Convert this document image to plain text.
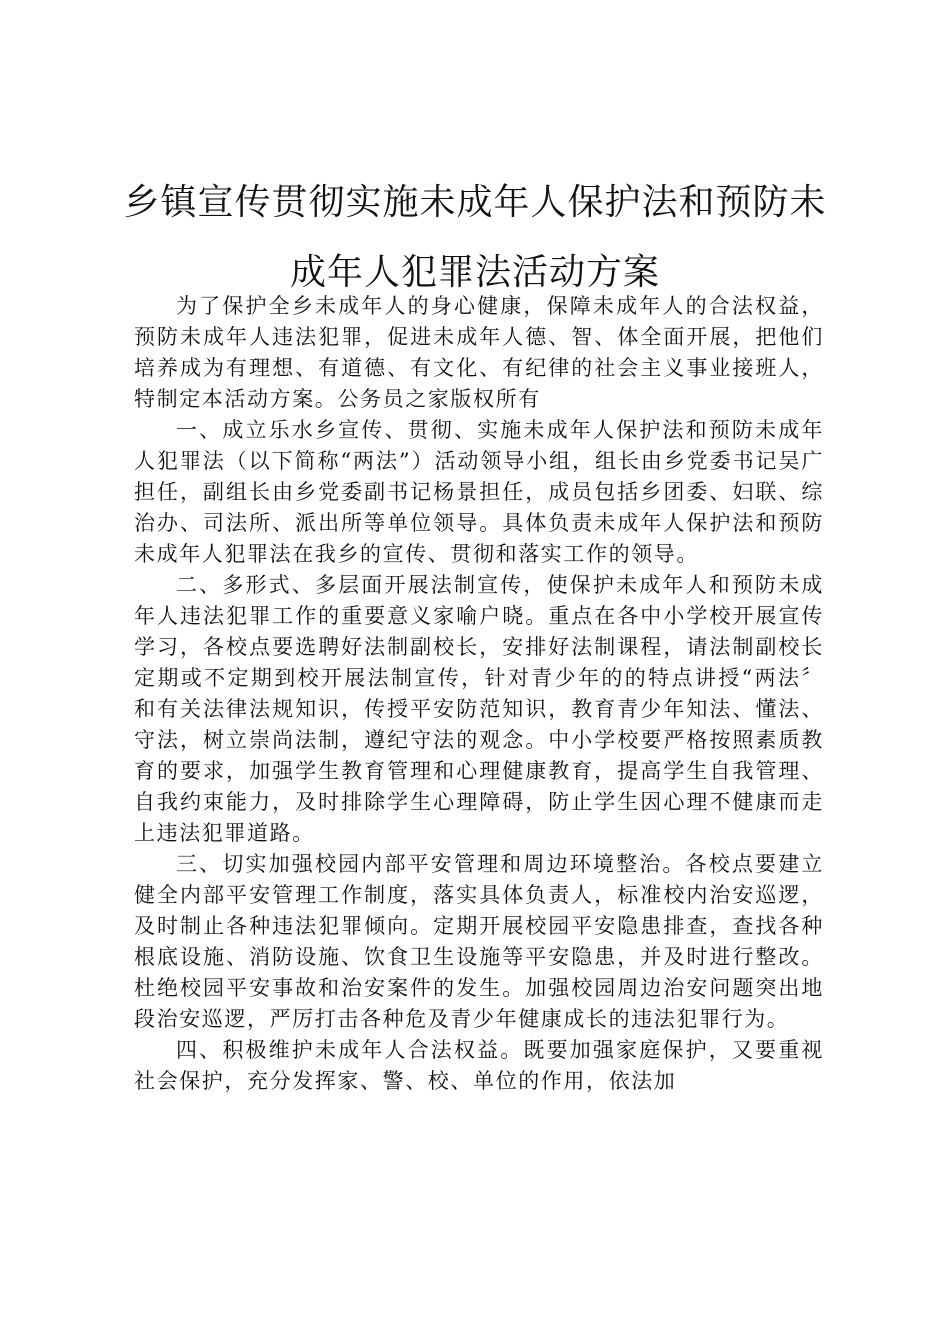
乡镇宣传贯彻实施未成年人保护法和预防未
成年人犯罪法活动方案

为了保护全乡未成年人的身心健康，保障未成年人的合法权益，预防未成年人违法犯罪，促进未成年人德、智、体全面开展，把他们培养成为有理想、有道德、有文化、有纪律的社会主义事业接班人，特制定本活动方案。公务员之家版权所有

一、成立乐水乡宣传、贯彻、实施未成年人保护法和预防未成年人犯罪法（以下简称“两法”）活动领导小组，组长由乡党委书记吴广担任，副组长由乡党委副书记杨景担任，成员包括乡团委、妇联、综治办、司法所、派出所等单位领导。具体负责未成年人保护法和预防未成年人犯罪法在我乡的宣传、贯彻和落实工作的领导。

二、多形式、多层面开展法制宣传，使保护未成年人和预防未成年人违法犯罪工作的重要意义家喻户晓。重点在各中小学校开展宣传学习，各校点要选聘好法制副校长，安排好法制课程，请法制副校长定期或不定期到校开展法制宣传，针对青少年的的特点讲授“两法〞和有关法律法规知识，传授平安防范知识，教育青少年知法、懂法、守法，树立崇尚法制，遵纪守法的观念。中小学校要严格按照素质教育的要求，加强学生教育管理和心理健康教育，提高学生自我管理、自我约束能力，及时排除学生心理障碍，防止学生因心理不健康而走上违法犯罪道路。

三、切实加强校园内部平安管理和周边环境整治。各校点要建立健全内部平安管理工作制度，落实具体负责人，标准校内治安巡逻，及时制止各种违法犯罪倾向。定期开展校园平安隐患排查，查找各种根底设施、消防设施、饮食卫生设施等平安隐患，并及时进行整改。杜绝校园平安事故和治安案件的发生。加强校园周边治安问题突出地段治安巡逻，严厉打击各种危及青少年健康成长的违法犯罪行为。

四、积极维护未成年人合法权益。既要加强家庭保护，又要重视社会保护，充分发挥家、警、校、单位的作用，依法加
